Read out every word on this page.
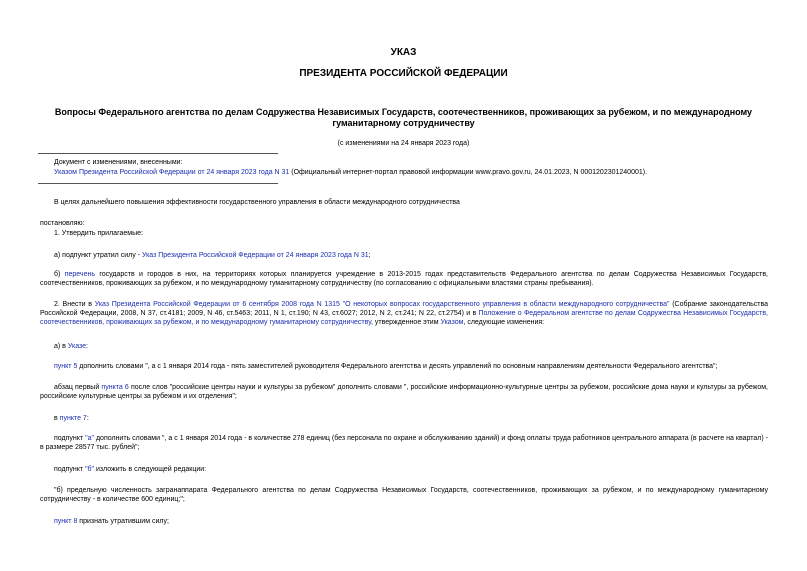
УКАЗ
ПРЕЗИДЕНТА РОССИЙСКОЙ ФЕДЕРАЦИИ
Вопросы Федерального агентства по делам Содружества Независимых Государств, соотечественников, проживающих за рубежом, и по международному гуманитарному сотрудничеству
(с изменениями на 24 января 2023 года)
Документ с изменениями, внесенными:
Указом Президента Российской Федерации от 24 января 2023 года N 31 (Официальный интернет-портал правовой информации www.pravo.gov.ru, 24.01.2023, N 0001202301240001).
В целях дальнейшего повышения эффективности государственного управления в области международного сотрудничества
постановляю:
1. Утвердить прилагаемые:
а) подпункт утратил силу - Указ Президента Российской Федерации от 24 января 2023 года N 31;
б) перечень государств и городов в них, на территориях которых планируется учреждение в 2013-2015 годах представительств Федерального агентства по делам Содружества Независимых Государств, соотечественников, проживающих за рубежом, и по международному гуманитарному сотрудничеству (по согласованию с официальными властями страны пребывания).
2. Внести в Указ Президента Российской Федерации от 6 сентября 2008 года N 1315 "О некоторых вопросах государственного управления в области международного сотрудничества" (Собрание законодательства Российской Федерации, 2008, N 37, ст.4181; 2009, N 46, ст.5463; 2011, N 1, ст.190; N 43, ст.6027; 2012, N 2, ст.241; N 22, ст.2754) и в Положение о Федеральном агентстве по делам Содружества Независимых Государств, соотечественников, проживающих за рубежом, и по международному гуманитарному сотрудничеству, утвержденное этим Указом, следующие изменения:
а) в Указе:
пункт 5 дополнить словами ", а с 1 января 2014 года - пять заместителей руководителя Федерального агентства и десять управлений по основным направлениям деятельности Федерального агентства";
абзац первый пункта 6 после слов "российские центры науки и культуры за рубежом" дополнить словами ", российские информационно-культурные центры за рубежом, российские дома науки и культуры за рубежом, российские культурные центры за рубежом и их отделения";
в пункте 7:
подпункт "а" дополнить словами ", а с 1 января 2014 года - в количестве 278 единиц (без персонала по охране и обслуживанию зданий) и фонд оплаты труда работников центрального аппарата (в расчете на квартал) - в размере 28577 тыс. рублей";
подпункт "б" изложить в следующей редакции:
"б) предельную численность загранаппарата Федерального агентства по делам Содружества Независимых Государств, соотечественников, проживающих за рубежом, и по международному гуманитарному сотрудничеству - в количестве 600 единиц;";
пункт 8 признать утратившим силу;
